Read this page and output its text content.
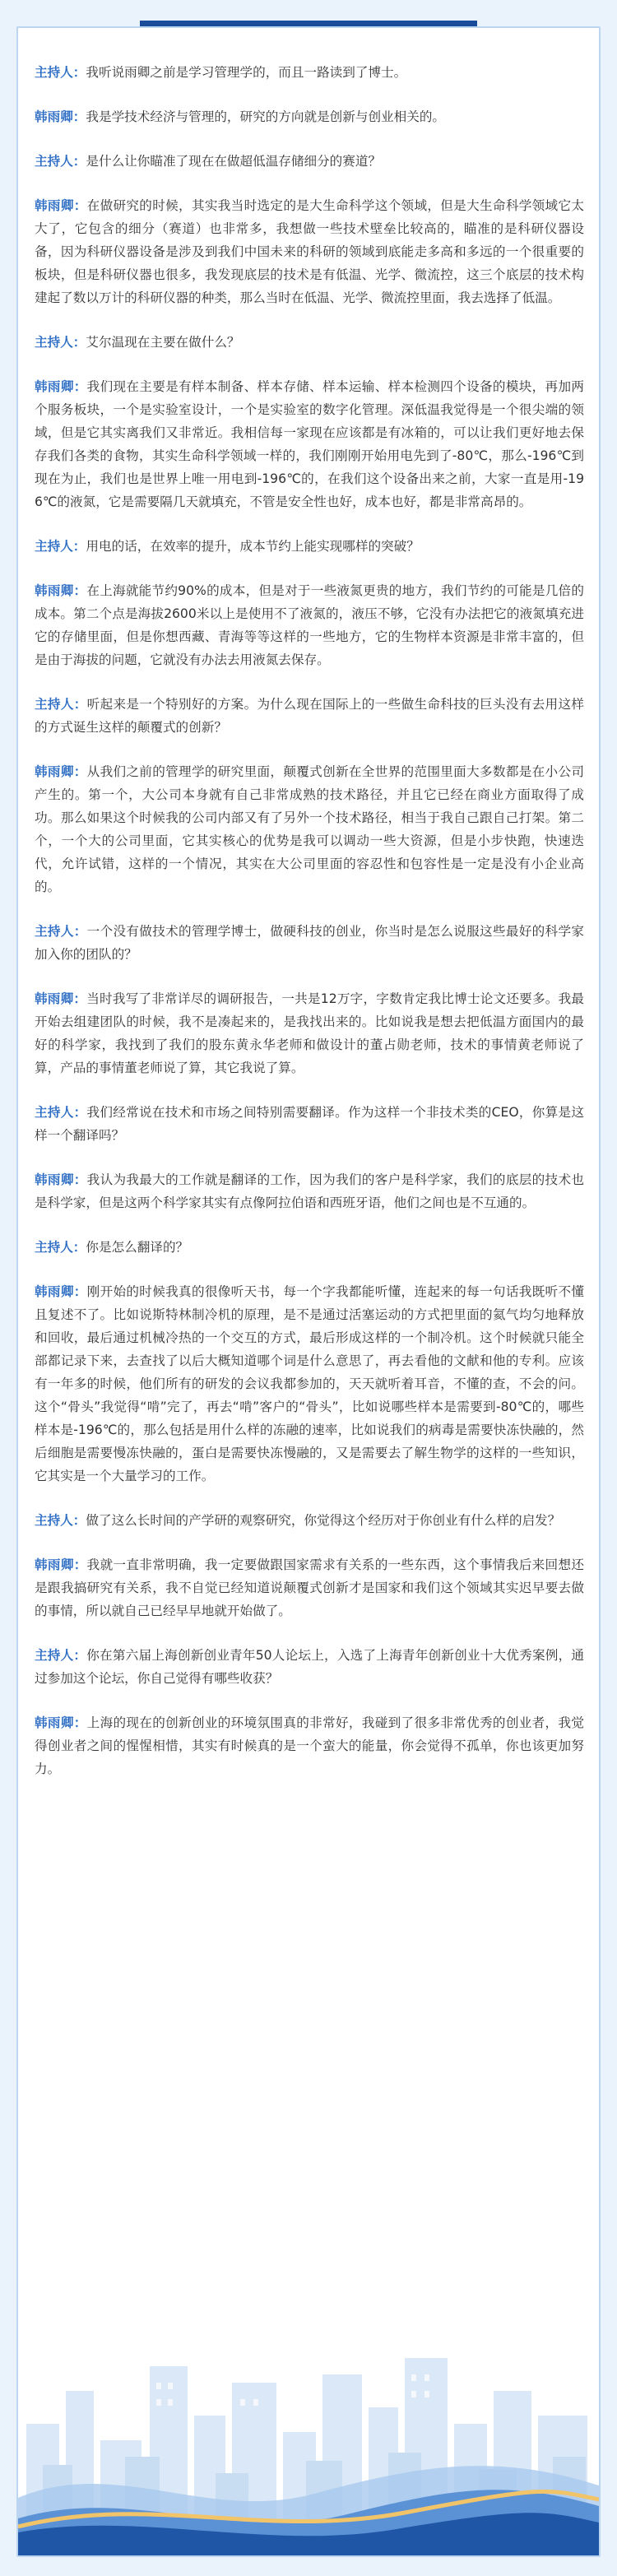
主持人：我听说雨卿之前是学习管理学的，而且一路读到了博士。

韩雨卿：我是学技术经济与管理的，研究的方向就是创新与创业相关的。

主持人：是什么让你瞄准了现在在做超低温存储细分的赛道？

韩雨卿：在做研究的时候，其实我当时选定的是大生命科学这个领域，但是大生命科学领域它太大了，它包含的细分（赛道）也非常多，我想做一些技术壁垒比较高的，瞄准的是科研仪器设备，因为科研仪器设备是涉及到我们中国未来的科研的领域到底能走多高和多远的一个很重要的板块，但是科研仪器也很多，我发现底层的技术是有低温、光学、微流控，这三个底层的技术构建起了数以万计的科研仪器的种类，那么当时在低温、光学、微流控里面，我去选择了低温。

主持人：艾尔温现在主要在做什么？

韩雨卿：我们现在主要是有样本制备、样本存储、样本运输、样本检测四个设备的模块，再加两个服务板块，一个是实验室设计，一个是实验室的数字化管理。深低温我觉得是一个很尖端的领域，但是它其实离我们又非常近。我相信每一家现在应该都是有冰箱的，可以让我们更好地去保存我们各类的食物，其实生命科学领域一样的，我们刚刚开始用电先到了-80℃，那么-196℃到现在为止，我们也是世界上唯一用电到-196℃的，在我们这个设备出来之前，大家一直是用-196℃的液氮，它是需要隔几天就填充，不管是安全性也好，成本也好，都是非常高昂的。

主持人：用电的话，在效率的提升，成本节约上能实现哪样的突破？

韩雨卿：在上海就能节约90%的成本，但是对于一些液氮更贵的地方，我们节约的可能是几倍的成本。第二个点是海拔2600米以上是使用不了液氮的，液压不够，它没有办法把它的液氮填充进它的存储里面，但是你想西藏、青海等等这样的一些地方，它的生物样本资源是非常丰富的，但是由于海拔的问题，它就没有办法去用液氮去保存。

主持人：听起来是一个特别好的方案。为什么现在国际上的一些做生命科技的巨头没有去用这样的方式诞生这样的颠覆式的创新？

韩雨卿：从我们之前的管理学的研究里面，颠覆式创新在全世界的范围里面大多数都是在小公司产生的。第一个，大公司本身就有自己非常成熟的技术路径，并且它已经在商业方面取得了成功。那么如果这个时候我的公司内部又有了另外一个技术路径，相当于我自己跟自己打架。第二个，一个大的公司里面，它其实核心的优势是我可以调动一些大资源，但是小步快跑，快速迭代，允许试错，这样的一个情况，其实在大公司里面的容忍性和包容性是一定是没有小企业高的。

主持人：一个没有做技术的管理学博士，做硬科技的创业，你当时是怎么说服这些最好的科学家加入你的团队的？

韩雨卿：当时我写了非常详尽的调研报告，一共是12万字，字数肯定我比博士论文还要多。我最开始去组建团队的时候，我不是凑起来的，是我找出来的。比如说我是想去把低温方面国内的最好的科学家，我找到了我们的股东黄永华老师和做设计的董占勋老师，技术的事情黄老师说了算，产品的事情董老师说了算，其它我说了算。

主持人：我们经常说在技术和市场之间特别需要翻译。作为这样一个非技术类的CEO，你算是这样一个翻译吗？

韩雨卿：我认为我最大的工作就是翻译的工作，因为我们的客户是科学家，我们的底层的技术也是科学家，但是这两个科学家其实有点像阿拉伯语和西班牙语，他们之间也是不互通的。

主持人：你是怎么翻译的？

韩雨卿：刚开始的时候我真的很像听天书，每一个字我都能听懂，连起来的每一句话我既听不懂且复述不了。比如说斯特林制冷机的原理，是不是通过活塞运动的方式把里面的氦气均匀地释放和回收，最后通过机械冷热的一个交互的方式，最后形成这样的一个制冷机。这个时候就只能全部都记录下来，去查找了以后大概知道哪个词是什么意思了，再去看他的文献和他的专利。应该有一年多的时候，他们所有的研发的会议我都参加的，天天就听着耳音，不懂的查，不会的问。这个“骨头”我觉得“啃”完了，再去“啃”客户的“骨头”，比如说哪些样本是需要到-80℃的，哪些样本是-196℃的，那么包括是用什么样的冻融的速率，比如说我们的病毒是需要快冻快融的，然后细胞是需要慢冻快融的，蛋白是需要快冻慢融的，又是需要去了解生物学的这样的一些知识，它其实是一个大量学习的工作。

主持人：做了这么长时间的产学研的观察研究，你觉得这个经历对于你创业有什么样的启发？

韩雨卿：我就一直非常明确，我一定要做跟国家需求有关系的一些东西，这个事情我后来回想还是跟我搞研究有关系，我不自觉已经知道说颠覆式创新才是国家和我们这个领域其实迟早要去做的事情，所以就自己已经早早地就开始做了。

主持人：你在第六届上海创新创业青年50人论坛上，入选了上海青年创新创业十大优秀案例，通过参加这个论坛，你自己觉得有哪些收获？

韩雨卿：上海的现在的创新创业的环境氛围真的非常好，我碰到了很多非常优秀的创业者，我觉得创业者之间的惺惺相惜，其实有时候真的是一个蛮大的能量，你会觉得不孤单，你也该更加努力。
